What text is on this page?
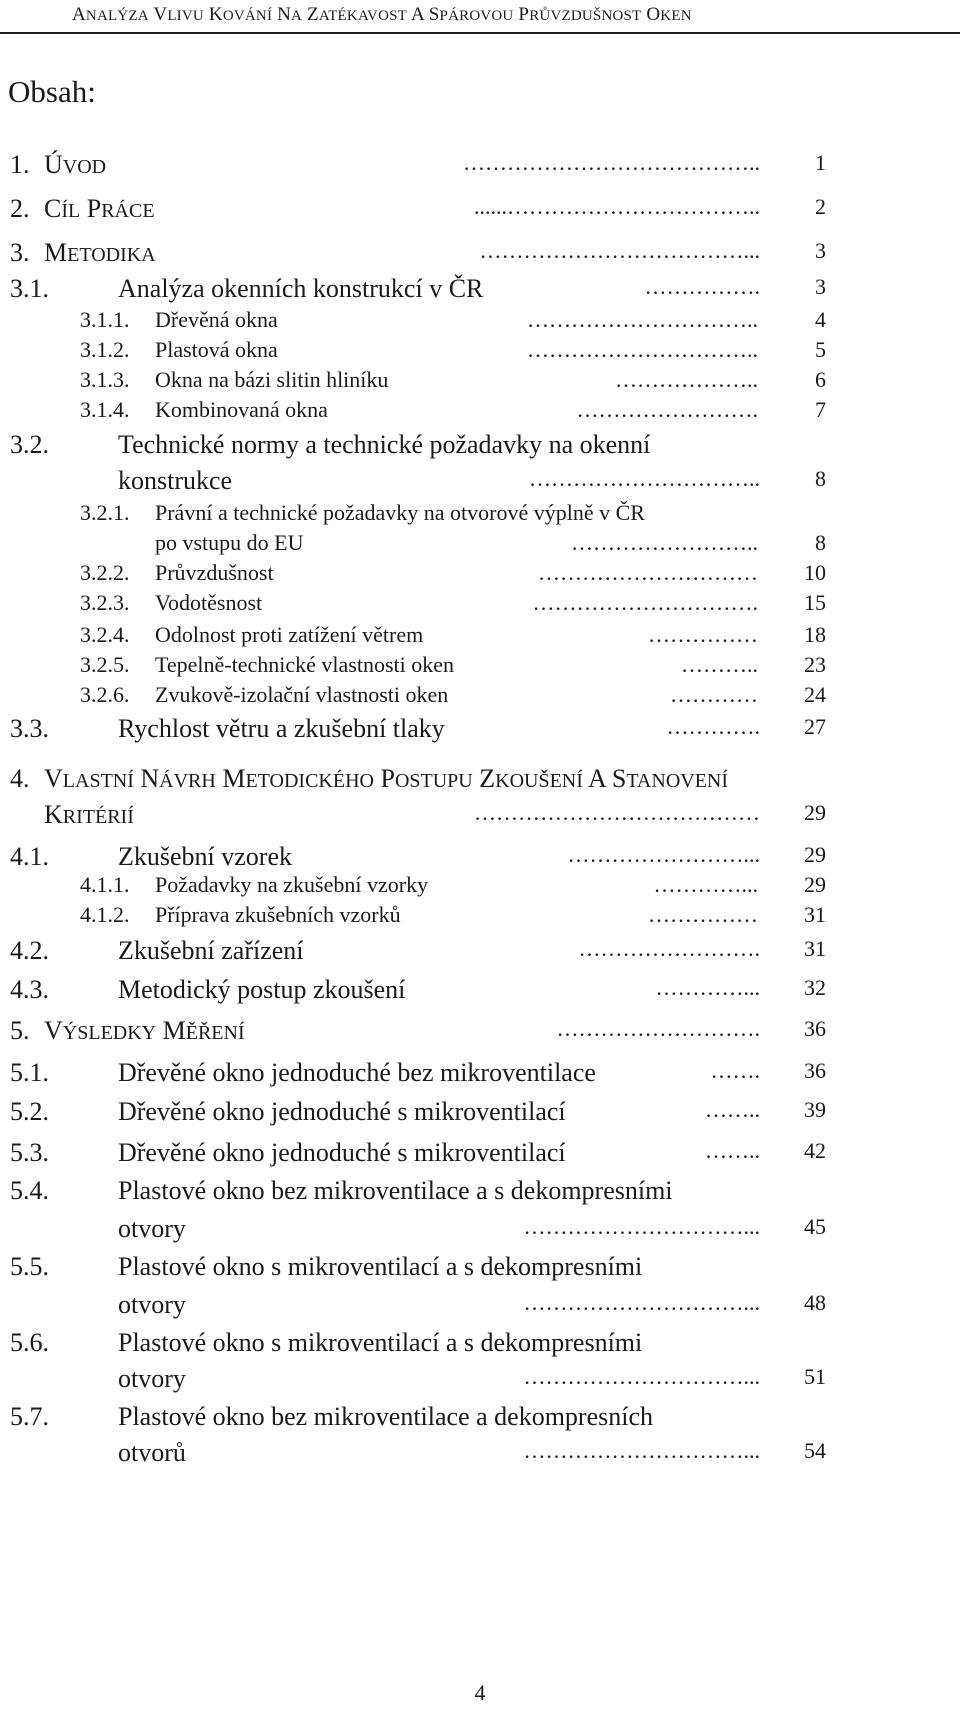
ANALÝZA VLIVU KOVÁNÍ NA ZATÉKAVOST A SPÁROVOU PRŮVZDUŠNOST OKEN
Obsah:
1. ÚVOD	…………………………………..	1
2. CÍL PRÁCE	......……………………………..	2
3. METODIKA	………………………………...	3
3.1.	Analýza okenních konstrukcí v ČR	…………….	3
3.1.1. Dřevěná okna	…………………………..	4
3.1.2. Plastová okna	…………………………..	5
3.1.3. Okna na bázi slitin hliníku	………………..	6
3.1.4. Kombinovaná okna	…………………….	7
3.2.	Technické normy a technické požadavky na okenní
konstrukce	…………………………..	8
3.2.1. Právní a technické požadavky na otvorové výplně v ČR
po vstupu do EU	……………………..	8
3.2.2. Průvzdušnost	…………………………	10
3.2.3. Vodotěsnost	………………………….	15
3.2.4. Odolnost proti zatížení větrem	……………	18
3.2.5. Tepelně-technické vlastnosti oken	………..	23
3.2.6. Zvukově-izolační vlastnosti oken	…………	24
3.3.	Rychlost větru a zkušební tlaky	………….	27
4. VLASTNÍ NÁVRH METODICKÉHO POSTUPU ZKOUŠENÍ A STANOVENÍ
KRITÉRIÍ	…………………………………	29
4.1.	Zkušební vzorek	……………………...	29
4.1.1. Požadavky na zkušební vzorky	…………...	29
4.1.2. Příprava zkušebních vzorků	……………	31
4.2.	Zkušební zařízení	…………………….	31
4.3.	Metodický postup zkoušení	…………...	32
5. VÝSLEDKY MĚŘENÍ	……………………….	36
5.1.	Dřevěné okno jednoduché bez mikroventilace	…….	36
5.2.	Dřevěné okno jednoduché s mikroventilací	……..	39
5.3.	Dřevěné okno jednoduché s mikroventilací	……..	42
5.4.	Plastové okno bez mikroventilace a s dekompresními
otvory	…………………………...	45
5.5.	Plastové okno s mikroventilací a s dekompresními
otvory	…………………………...	48
5.6.	Plastové okno s mikroventilací a s dekompresními
otvory	…………………………...	51
5.7.	Plastové okno bez mikroventilace a dekompresních
otvorů	…………………………...	54
4
